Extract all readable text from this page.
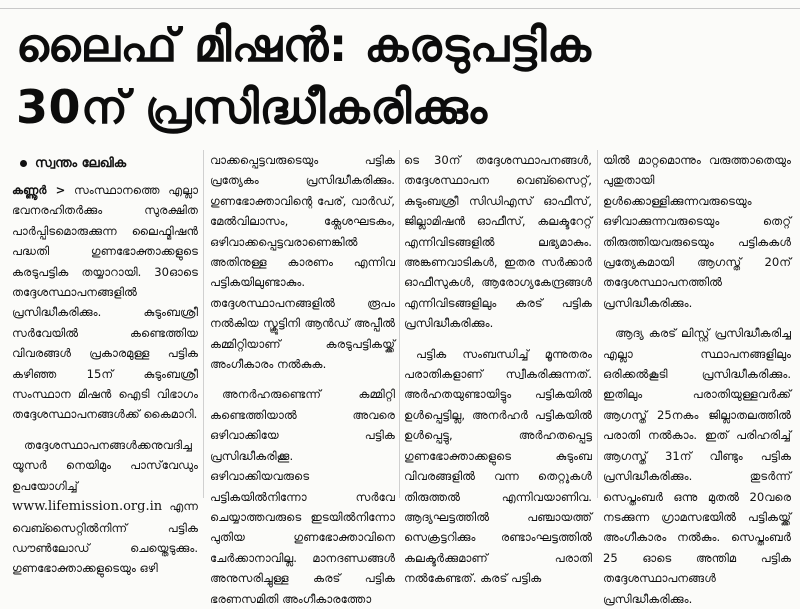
ലൈഫ് മിഷൻ: കരടുപട്ടിക
30ന് പ്രസിദ്ധീകരിക്കും
സ്വന്തം ലേഖിക

കണ്ണൂർ > സംസ്ഥാനത്തെ എല്ലാ ഭവനരഹിതർക്കും സുരക്ഷിത പാർപ്പിടമൊരുക്കുന്ന ലൈഫ്മിഷൻ പദ്ധതി ഗുണഭോക്താക്കളുടെ കരടുപട്ടിക തയ്യാറായി. 30ഓടെ തദ്ദേശസ്ഥാപനങ്ങളിൽ പ്രസിദ്ധീകരിക്കും. കുടുംബശ്രീ സർവേയിൽ കണ്ടെത്തിയ വിവരങ്ങൾ പ്രകാരമുള്ള പട്ടിക കഴിഞ്ഞ 15ന് കുടുംബശ്രീ സംസ്ഥാന മിഷൻ ഐടി വിഭാഗം തദ്ദേശസ്ഥാപനങ്ങൾക്ക് കൈമാറി.

തദ്ദേശസ്ഥാപനങ്ങൾക്കനുവദിച്ച യൂസർ നെയിമും പാസ്‌വേഡും ഉപയോഗിച്ച് www.lifemission.org.in എന്ന വെബ്സൈറ്റിൽനിന്ന് പട്ടിക ഡൗൺലോഡ് ചെയ്തെടുക്കും. ഗുണഭോക്താക്കളുടെയും ഒഴി

വാക്കപ്പെട്ടവരുടെയും പട്ടിക പ്രത്യേകം പ്രസിദ്ധീകരിക്കും. ഗുണഭോക്താവിന്റെ പേര്, വാർഡ്, മേൽവിലാസം, ക്ലേശഘടകം, ഒഴിവാക്കപ്പെട്ടവരാണെങ്കിൽ അതിനുള്ള കാരണം എന്നിവ പട്ടികയിലുണ്ടാകും. തദ്ദേശസ്ഥാപനങ്ങളിൽ രൂപം നൽകിയ സ്ക്രൂട്ടിനി ആൻഡ് അപ്പീൽ കമ്മിറ്റിയാണ് കരടുപട്ടികയ്ക്ക് അംഗീകാരം നൽകുക.

അനർഹരുണ്ടെന്ന് കമ്മിറ്റി കണ്ടെത്തിയാൽ അവരെ ഒഴിവാക്കിയേ പട്ടിക പ്രസിദ്ധീകരിക്കൂ. ഒഴിവാക്കിയവരുടെ പട്ടികയിൽനിന്നോ സർവേ ചെയ്യാത്തവരുടെ ഇടയിൽനിന്നോ പുതിയ ഗുണഭോക്താവിനെ ചേർക്കാനാവില്ല. മാനദണ്ഡങ്ങൾ അനുസരിച്ചുള്ള കരട് പട്ടിക ഭരണസമിതി അംഗീകാരത്തോ

ടെ 30ന് തദ്ദേശസ്ഥാപനങ്ങൾ, തദ്ദേശസ്ഥാപന വെബ്സൈറ്റ്, കുടുംബശ്രീ സിഡിഎസ് ഓഫീസ്, ജില്ലാമിഷൻ ഓഫീസ്, കലക്ടറേറ്റ് എന്നിവിടങ്ങളിൽ ലഭ്യമാകും. അങ്കണവാടികൾ, ഇതര സർക്കാർ ഓഫീസുകൾ, ആരോഗ്യകേന്ദ്രങ്ങൾ എന്നിവിടങ്ങളിലും കരട് പട്ടിക പ്രസിദ്ധീകരിക്കും.

പട്ടിക സംബന്ധിച്ച് മൂന്നുതരം പരാതികളാണ് സ്വീകരിക്കുന്നത്. അർഹതയുണ്ടായിട്ടും പട്ടികയിൽ ഉൾപ്പെട്ടില്ല, അനർഹർ പട്ടികയിൽ ഉൾപ്പെട്ടു, അർഹതപ്പെട്ട ഗുണഭോക്താക്കളുടെ കുടുംബ വിവരങ്ങളിൽ വന്ന തെറ്റുകൾ തിരുത്തൽ എന്നിവയാണിവ. ആദ്യഘട്ടത്തിൽ പഞ്ചായത്ത് സെക്രട്ടറിക്കും രണ്ടാംഘട്ടത്തിൽ കലക്ടർക്കുമാണ് പരാതി നൽകേണ്ടത്. കരട് പട്ടിക

യിൽ മാറ്റമൊന്നും വരുത്താതെയും പുതുതായി ഉൾക്കൊള്ളിക്കുന്നവരുടെയും ഒഴിവാക്കുന്നവരുടെയും തെറ്റ് തിരുത്തിയവരുടെയും പട്ടികകൾ പ്രത്യേകമായി ആഗസ്ത് 20ന് തദ്ദേശസ്ഥാപനത്തിൽ പ്രസിദ്ധീകരിക്കും.

ആദ്യ കരട് ലിസ്റ്റ് പ്രസിദ്ധീകരിച്ച എല്ലാ സ്ഥാപനങ്ങളിലും ഒരിക്കൽകൂടി പ്രസിദ്ധീകരിക്കും. ഇതിലും പരാതിയുള്ളവർക്ക് ആഗസ്ത് 25നകം ജില്ലാതലത്തിൽ പരാതി നൽകാം. ഇത് പരിഹരിച്ച് ആഗസ്ത് 31ന് വീണ്ടും പട്ടിക പ്രസിദ്ധീകരിക്കും. തുടർന്ന് സെപ്തംബർ ഒന്നു മുതൽ 20വരെ നടക്കുന്ന ഗ്രാമസഭയിൽ പട്ടികയ്ക്ക് അംഗീകാരം നൽകും. സെപ്തംബർ 25 ഓടെ അന്തിമ പട്ടിക തദ്ദേശസ്ഥാപനങ്ങൾ പ്രസിദ്ധീകരിക്കും.
